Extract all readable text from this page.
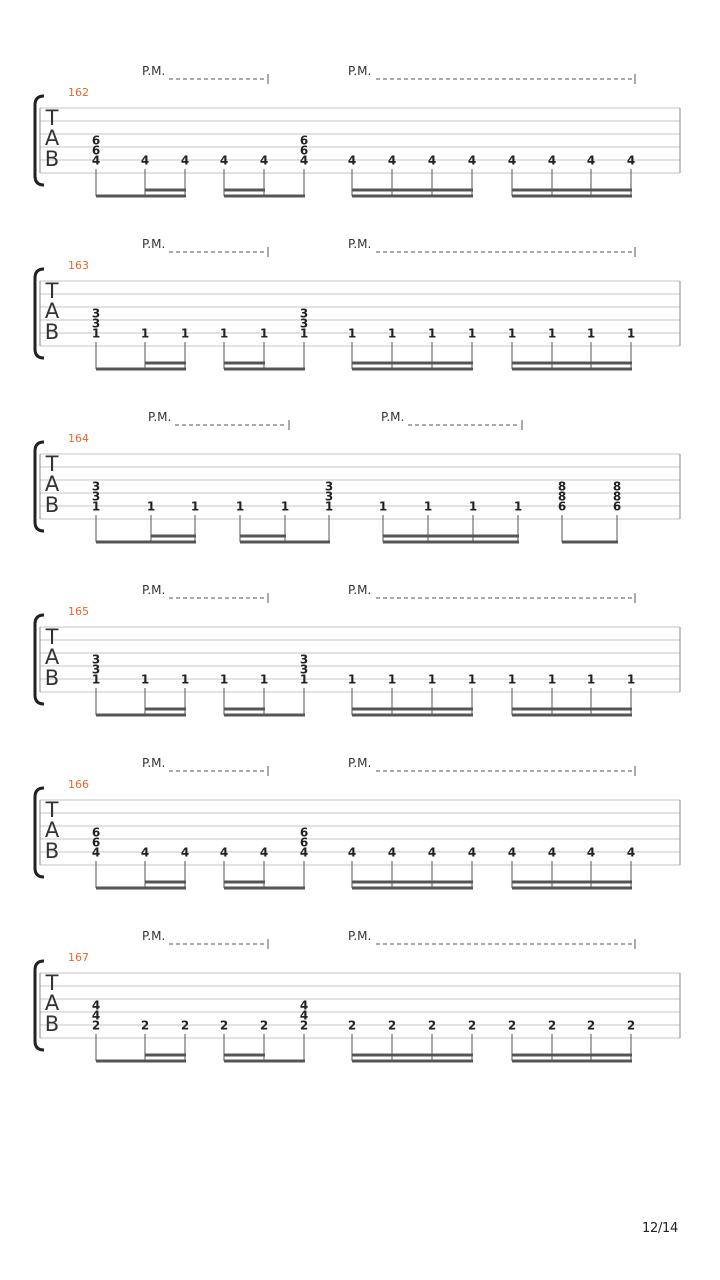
P.M.	P.M.
162
T
A
B
6
6
4	4	4	4	4
6
6
4	4	4	4	4	4	4	4	4
P.M.	P.M.
163
T
A
B
3
3
1	1	1	1	1
3
3
1	1	1	1	1	1	1	1	1
P.M.	P.M.
164
T
A
B
3
3
1	1	1	1	1
3
3
1	1	1	1	1
8
8
6
8
8
6
P.M.	P.M.
165
T
A
B
3
3
1	1	1	1	1
3
3
1	1	1	1	1	1	1	1	1
P.M.	P.M.
166
T
A
B
6
6
4	4	4	4	4
6
6
4	4	4	4	4	4	4	4	4
P.M.	P.M.
167
T
A
B
4
4
2	2	2	2	2
4
4
2	2	2	2	2	2	2	2	2
12/14
